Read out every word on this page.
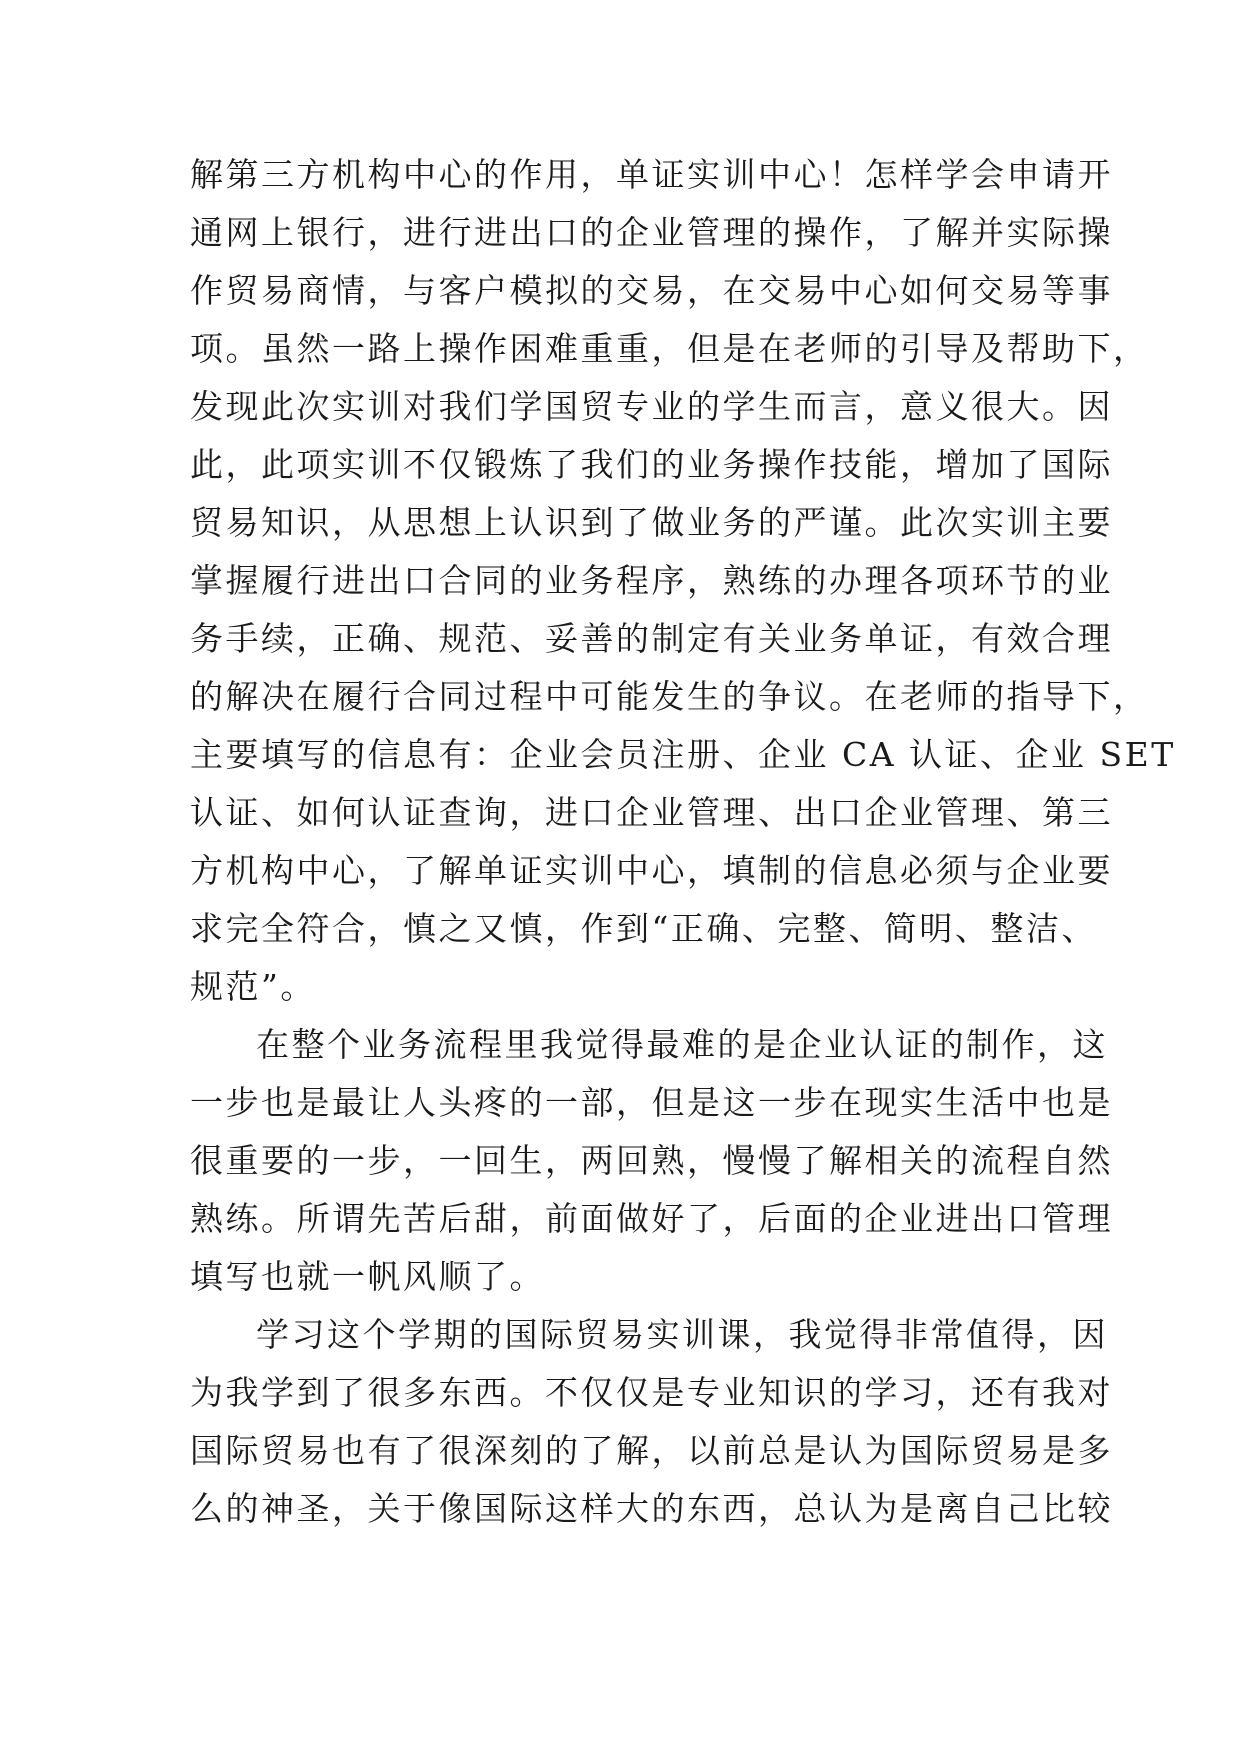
解第三方机构中心的作用，单证实训中心！怎样学会申请开
通网上银行，进行进出口的企业管理的操作，了解并实际操
作贸易商情，与客户模拟的交易，在交易中心如何交易等事
项。虽然一路上操作困难重重，但是在老师的引导及帮助下，
发现此次实训对我们学国贸专业的学生而言，意义很大。因
此，此项实训不仅锻炼了我们的业务操作技能，增加了国际
贸易知识，从思想上认识到了做业务的严谨。此次实训主要
掌握履行进出口合同的业务程序，熟练的办理各项环节的业
务手续，正确、规范、妥善的制定有关业务单证，有效合理
的解决在履行合同过程中可能发生的争议。在老师的指导下，
主要填写的信息有：企业会员注册、企业 CA 认证、企业 SET
认证、如何认证查询，进口企业管理、出口企业管理、第三
方机构中心，了解单证实训中心，填制的信息必须与企业要
求完全符合，慎之又慎，作到“正确、完整、简明、整洁、
规范”。
在整个业务流程里我觉得最难的是企业认证的制作，这
一步也是最让人头疼的一部，但是这一步在现实生活中也是
很重要的一步，一回生，两回熟，慢慢了解相关的流程自然
熟练。所谓先苦后甜，前面做好了，后面的企业进出口管理
填写也就一帆风顺了。
学习这个学期的国际贸易实训课，我觉得非常值得，因
为我学到了很多东西。不仅仅是专业知识的学习，还有我对
国际贸易也有了很深刻的了解，以前总是认为国际贸易是多
么的神圣，关于像国际这样大的东西，总认为是离自己比较
